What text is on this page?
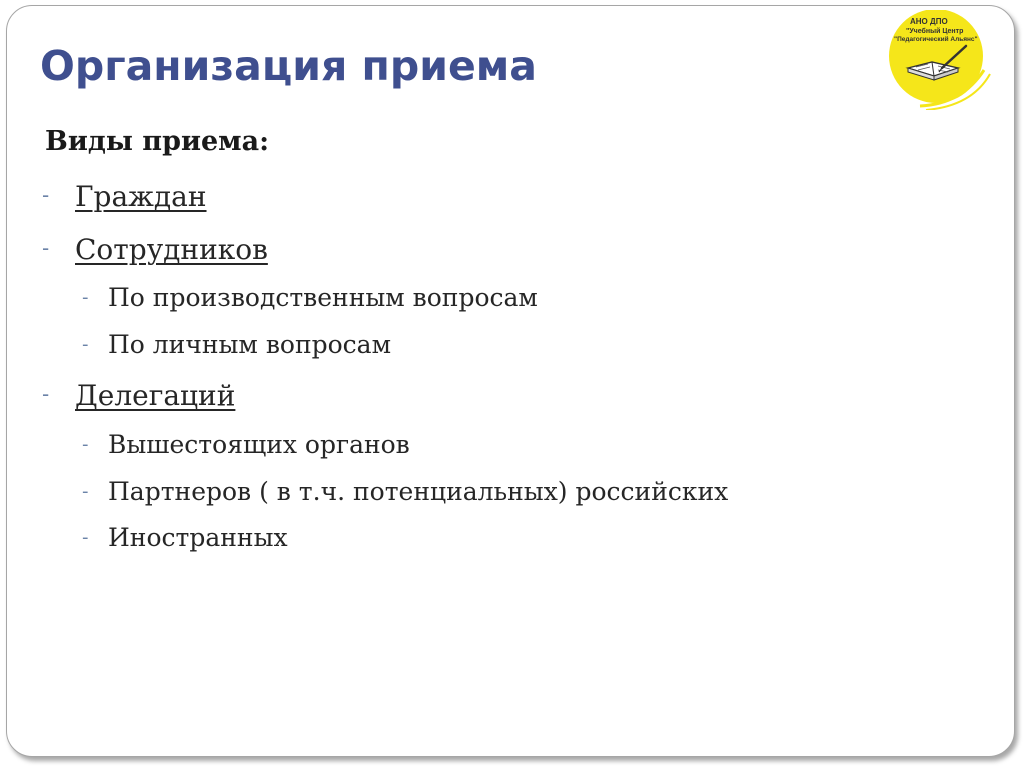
Организация приема
Виды приема:
- Граждан
- Сотрудников
- По производственным вопросам
- По личным вопросам
- Делегаций
- Вышестоящих органов
- Партнеров ( в т.ч. потенциальных) российских
- Иностранных
АНО ДПО
"Учебный Центр
"Педагогический Альянс"
